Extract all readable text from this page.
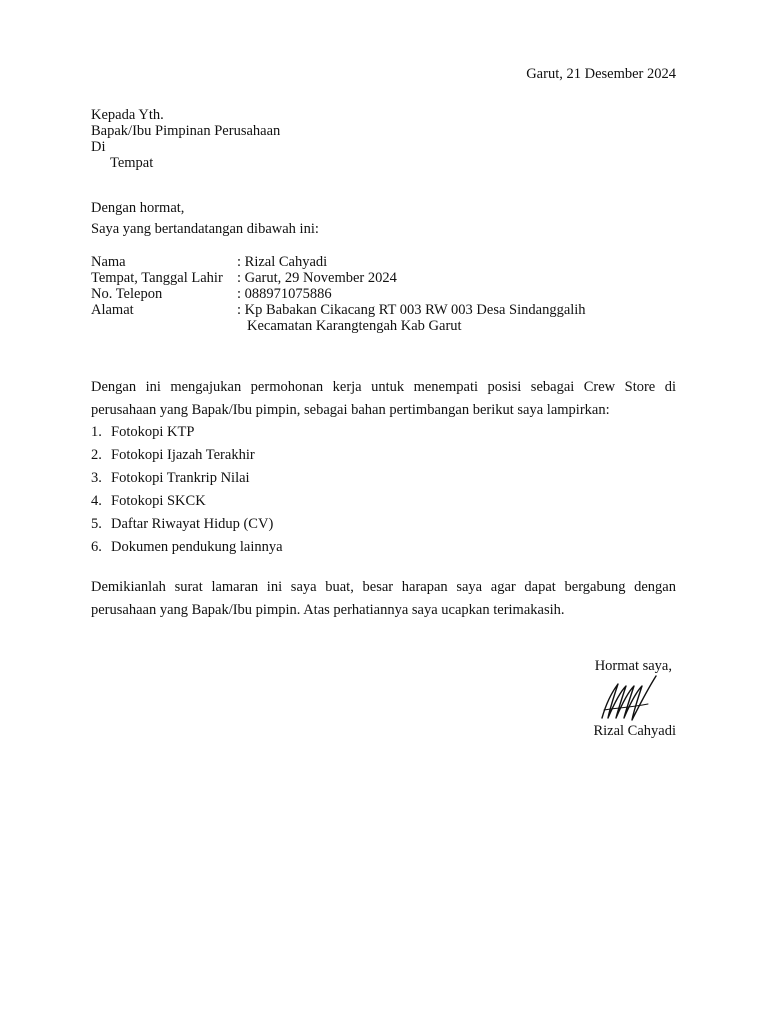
Garut, 21 Desember 2024
Kepada Yth.
Bapak/Ibu Pimpinan Perusahaan
Di
Tempat
Dengan hormat,
Saya yang bertandatangan dibawah ini:
Nama	: Rizal Cahyadi
Tempat, Tanggal Lahir : Garut, 29 November 2024
No. Telepon	: 088971075886
Alamat	: Kp Babakan Cikacang RT 003 RW 003 Desa Sindanggalih
Kecamatan Karangtengah Kab Garut
Dengan ini mengajukan permohonan kerja untuk menempati posisi sebagai Crew Store di perusahaan yang Bapak/Ibu pimpin, sebagai bahan pertimbangan berikut saya lampirkan:
1. Fotokopi KTP
2. Fotokopi Ijazah Terakhir
3. Fotokopi Trankrip Nilai
4. Fotokopi SKCK
5. Daftar Riwayat Hidup (CV)
6. Dokumen pendukung lainnya
Demikianlah surat lamaran ini saya buat, besar harapan saya agar dapat bergabung dengan perusahaan yang Bapak/Ibu pimpin. Atas perhatiannya saya ucapkan terimakasih.
Hormat saya,
Rizal Cahyadi
